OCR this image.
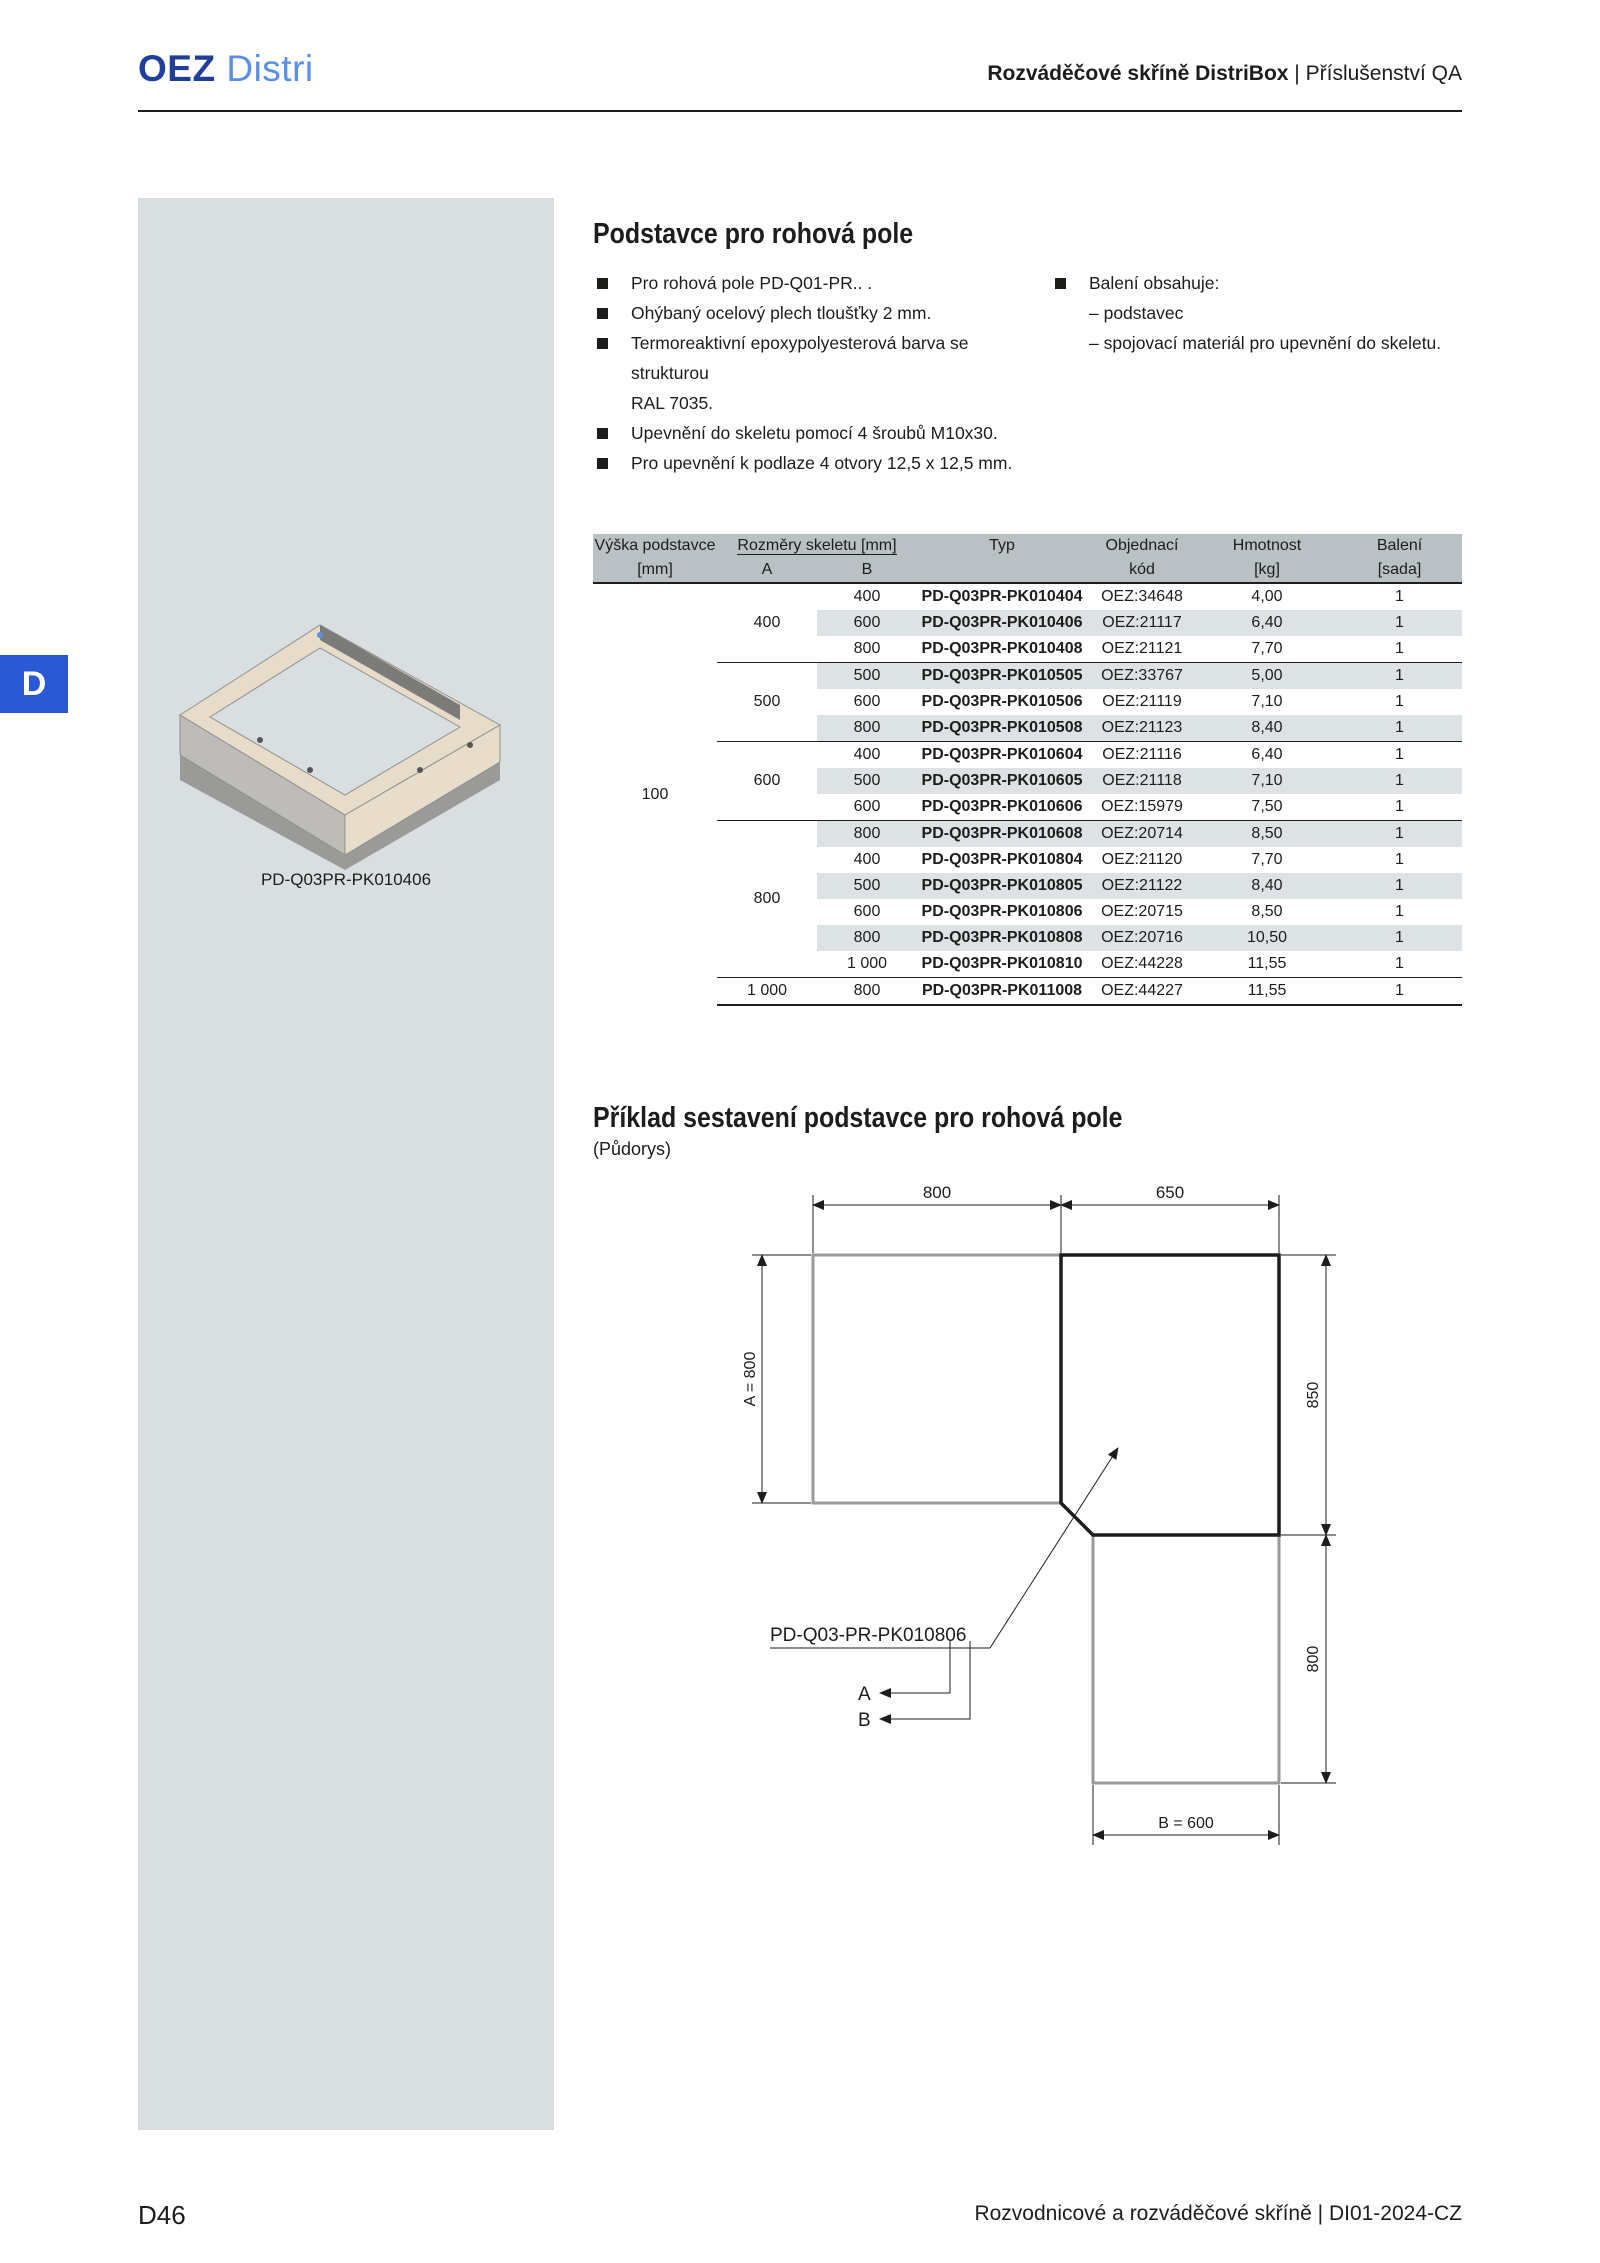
OEZ Distri	Rozváděčové skříně DistriBox | Příslušenství QA
D
PD-Q03PR-PK010406
Podstavce pro rohová pole
Pro rohová pole PD-Q01-PR.. .
Ohýbaný ocelový plech tloušťky 2 mm.
Termoreaktivní epoxypolyesterová barva se strukturou
RAL 7035.
Upevnění do skeletu pomocí 4 šroubů M10x30.
Pro upevnění k podlaze 4 otvory 12,5 x 12,5 mm.
Balení obsahuje:
– podstavec
– spojovací materiál pro upevnění do skeletu.
Výška podstavce	Rozměry skeletu [mm]		Typ	Objednací	Hmotnost	Balení
[mm]	A	B		kód	[kg]	[sada]
100	400	400	PD-Q03PR-PK010404	OEZ:34648	4,00	1
		600	PD-Q03PR-PK010406	OEZ:21117	6,40	1
		800	PD-Q03PR-PK010408	OEZ:21121	7,70	1
	500	500	PD-Q03PR-PK010505	OEZ:33767	5,00	1
		600	PD-Q03PR-PK010506	OEZ:21119	7,10	1
		800	PD-Q03PR-PK010508	OEZ:21123	8,40	1
	600	400	PD-Q03PR-PK010604	OEZ:21116	6,40	1
		500	PD-Q03PR-PK010605	OEZ:21118	7,10	1
		600	PD-Q03PR-PK010606	OEZ:15979	7,50	1
	800	800	PD-Q03PR-PK010608	OEZ:20714	8,50	1
		400	PD-Q03PR-PK010804	OEZ:21120	7,70	1
		500	PD-Q03PR-PK010805	OEZ:21122	8,40	1
		600	PD-Q03PR-PK010806	OEZ:20715	8,50	1
		800	PD-Q03PR-PK010808	OEZ:20716	10,50	1
		1 000	PD-Q03PR-PK010810	OEZ:44228	11,55	1
	1 000	800	PD-Q03PR-PK011008	OEZ:44227	11,55	1
Příklad sestavení podstavce pro rohová pole
(Půdorys)
800	650
A = 800	850
800
B = 600
PD-Q03-PR-PK010806
A
B
D46	Rozvodnicové a rozváděčové skříně | DI01-2024-CZ
